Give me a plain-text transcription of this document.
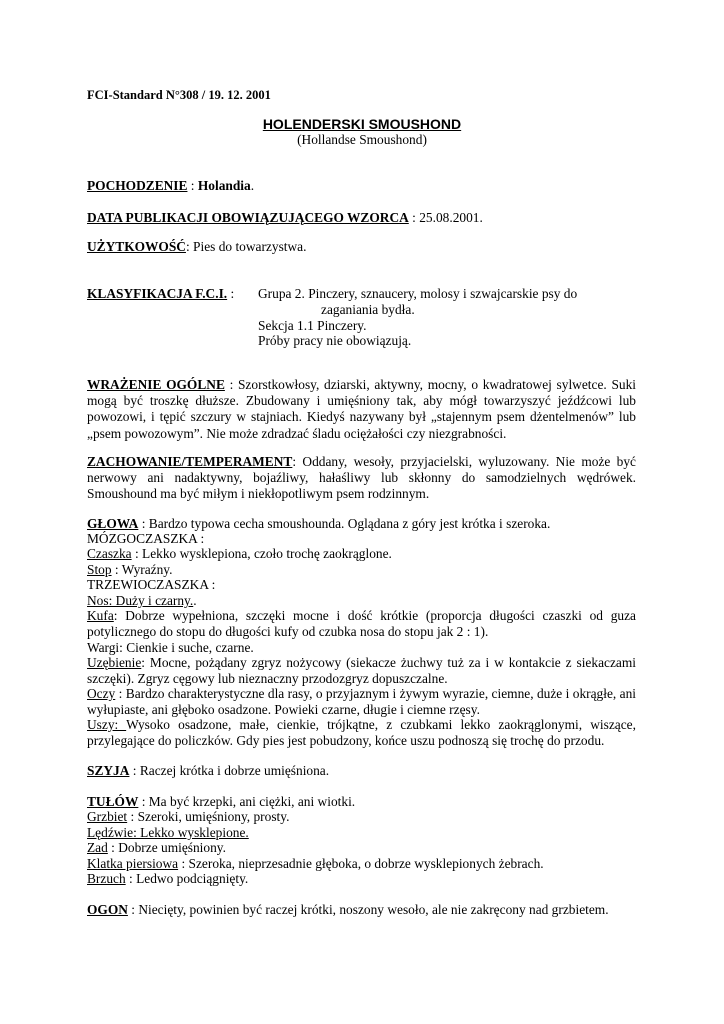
FCI-Standard N°308 / 19. 12. 2001
HOLENDERSKI SMOUSHOND
(Hollandse Smoushond)
POCHODZENIE : Holandia.
DATA PUBLIKACJI OBOWIĄZUJĄCEGO WZORCA : 25.08.2001.
UŻYTKOWOŚĆ: Pies do towarzystwa.
KLASYFIKACJA F.C.I. : Grupa 2. Pinczery, sznaucery, molosy i szwajcarskie psy do
zaganiania bydła.
Sekcja 1.1 Pinczery.
Próby pracy nie obowiązują.
WRAŻENIE OGÓLNE : Szorstkowłosy, dziarski, aktywny, mocny, o kwadratowej sylwetce. Suki mogą być troszkę dłuższe. Zbudowany i umięśniony tak, aby mógł towarzyszyć jeźdźcowi lub powozowi, i tępić szczury w stajniach. Kiedyś nazywany był „stajennym psem dżentelmenów” lub „psem powozowym”. Nie może zdradzać śladu ociężałości czy niezgrabności.
ZACHOWANIE/TEMPERAMENT: Oddany, wesoły, przyjacielski, wyluzowany. Nie może być nerwowy ani nadaktywny, bojaźliwy, hałaśliwy lub skłonny do samodzielnych wędrówek. Smoushound ma być miłym i niekłopotliwym psem rodzinnym.
GŁOWA : Bardzo typowa cecha smoushounda. Oglądana z góry jest krótka i szeroka.
MÓZGOCZASZKA :
Czaszka : Lekko wysklepiona, czoło trochę zaokrąglone.
Stop : Wyraźny.
TRZEWIOCZASZKA :
Nos: Duży i czarny..
Kufa: Dobrze wypełniona, szczęki mocne i dość krótkie (proporcja długości czaszki od guza potylicznego do stopu do długości kufy od czubka nosa do stopu jak 2 : 1).
Wargi: Cienkie i suche, czarne.
Uzębienie: Mocne, pożądany zgryz nożycowy (siekacze żuchwy tuż za i w kontakcie z siekaczami szczęki). Zgryz cęgowy lub nieznaczny przodozgryz dopuszczalne.
Oczy : Bardzo charakterystyczne dla rasy, o przyjaznym i żywym wyrazie, ciemne, duże i okrągłe, ani wyłupiaste, ani głęboko osadzone. Powieki czarne, długie i ciemne rzęsy.
Uszy: Wysoko osadzone, małe, cienkie, trójkątne, z czubkami lekko zaokrąglonymi, wiszące, przylegające do policzków. Gdy pies jest pobudzony, końce uszu podnoszą się trochę do przodu.
SZYJA : Raczej krótka i dobrze umięśniona.
TUŁÓW : Ma być krzepki, ani ciężki, ani wiotki.
Grzbiet : Szeroki, umięśniony, prosty.
Lędźwie: Lekko wysklepione.
Zad : Dobrze umięśniony.
Klatka piersiowa : Szeroka, nieprzesadnie głęboka, o dobrze wysklepionych żebrach.
Brzuch : Ledwo podciągnięty.
OGON : Niecięty, powinien być raczej krótki, noszony wesoło, ale nie zakręcony nad grzbietem.
